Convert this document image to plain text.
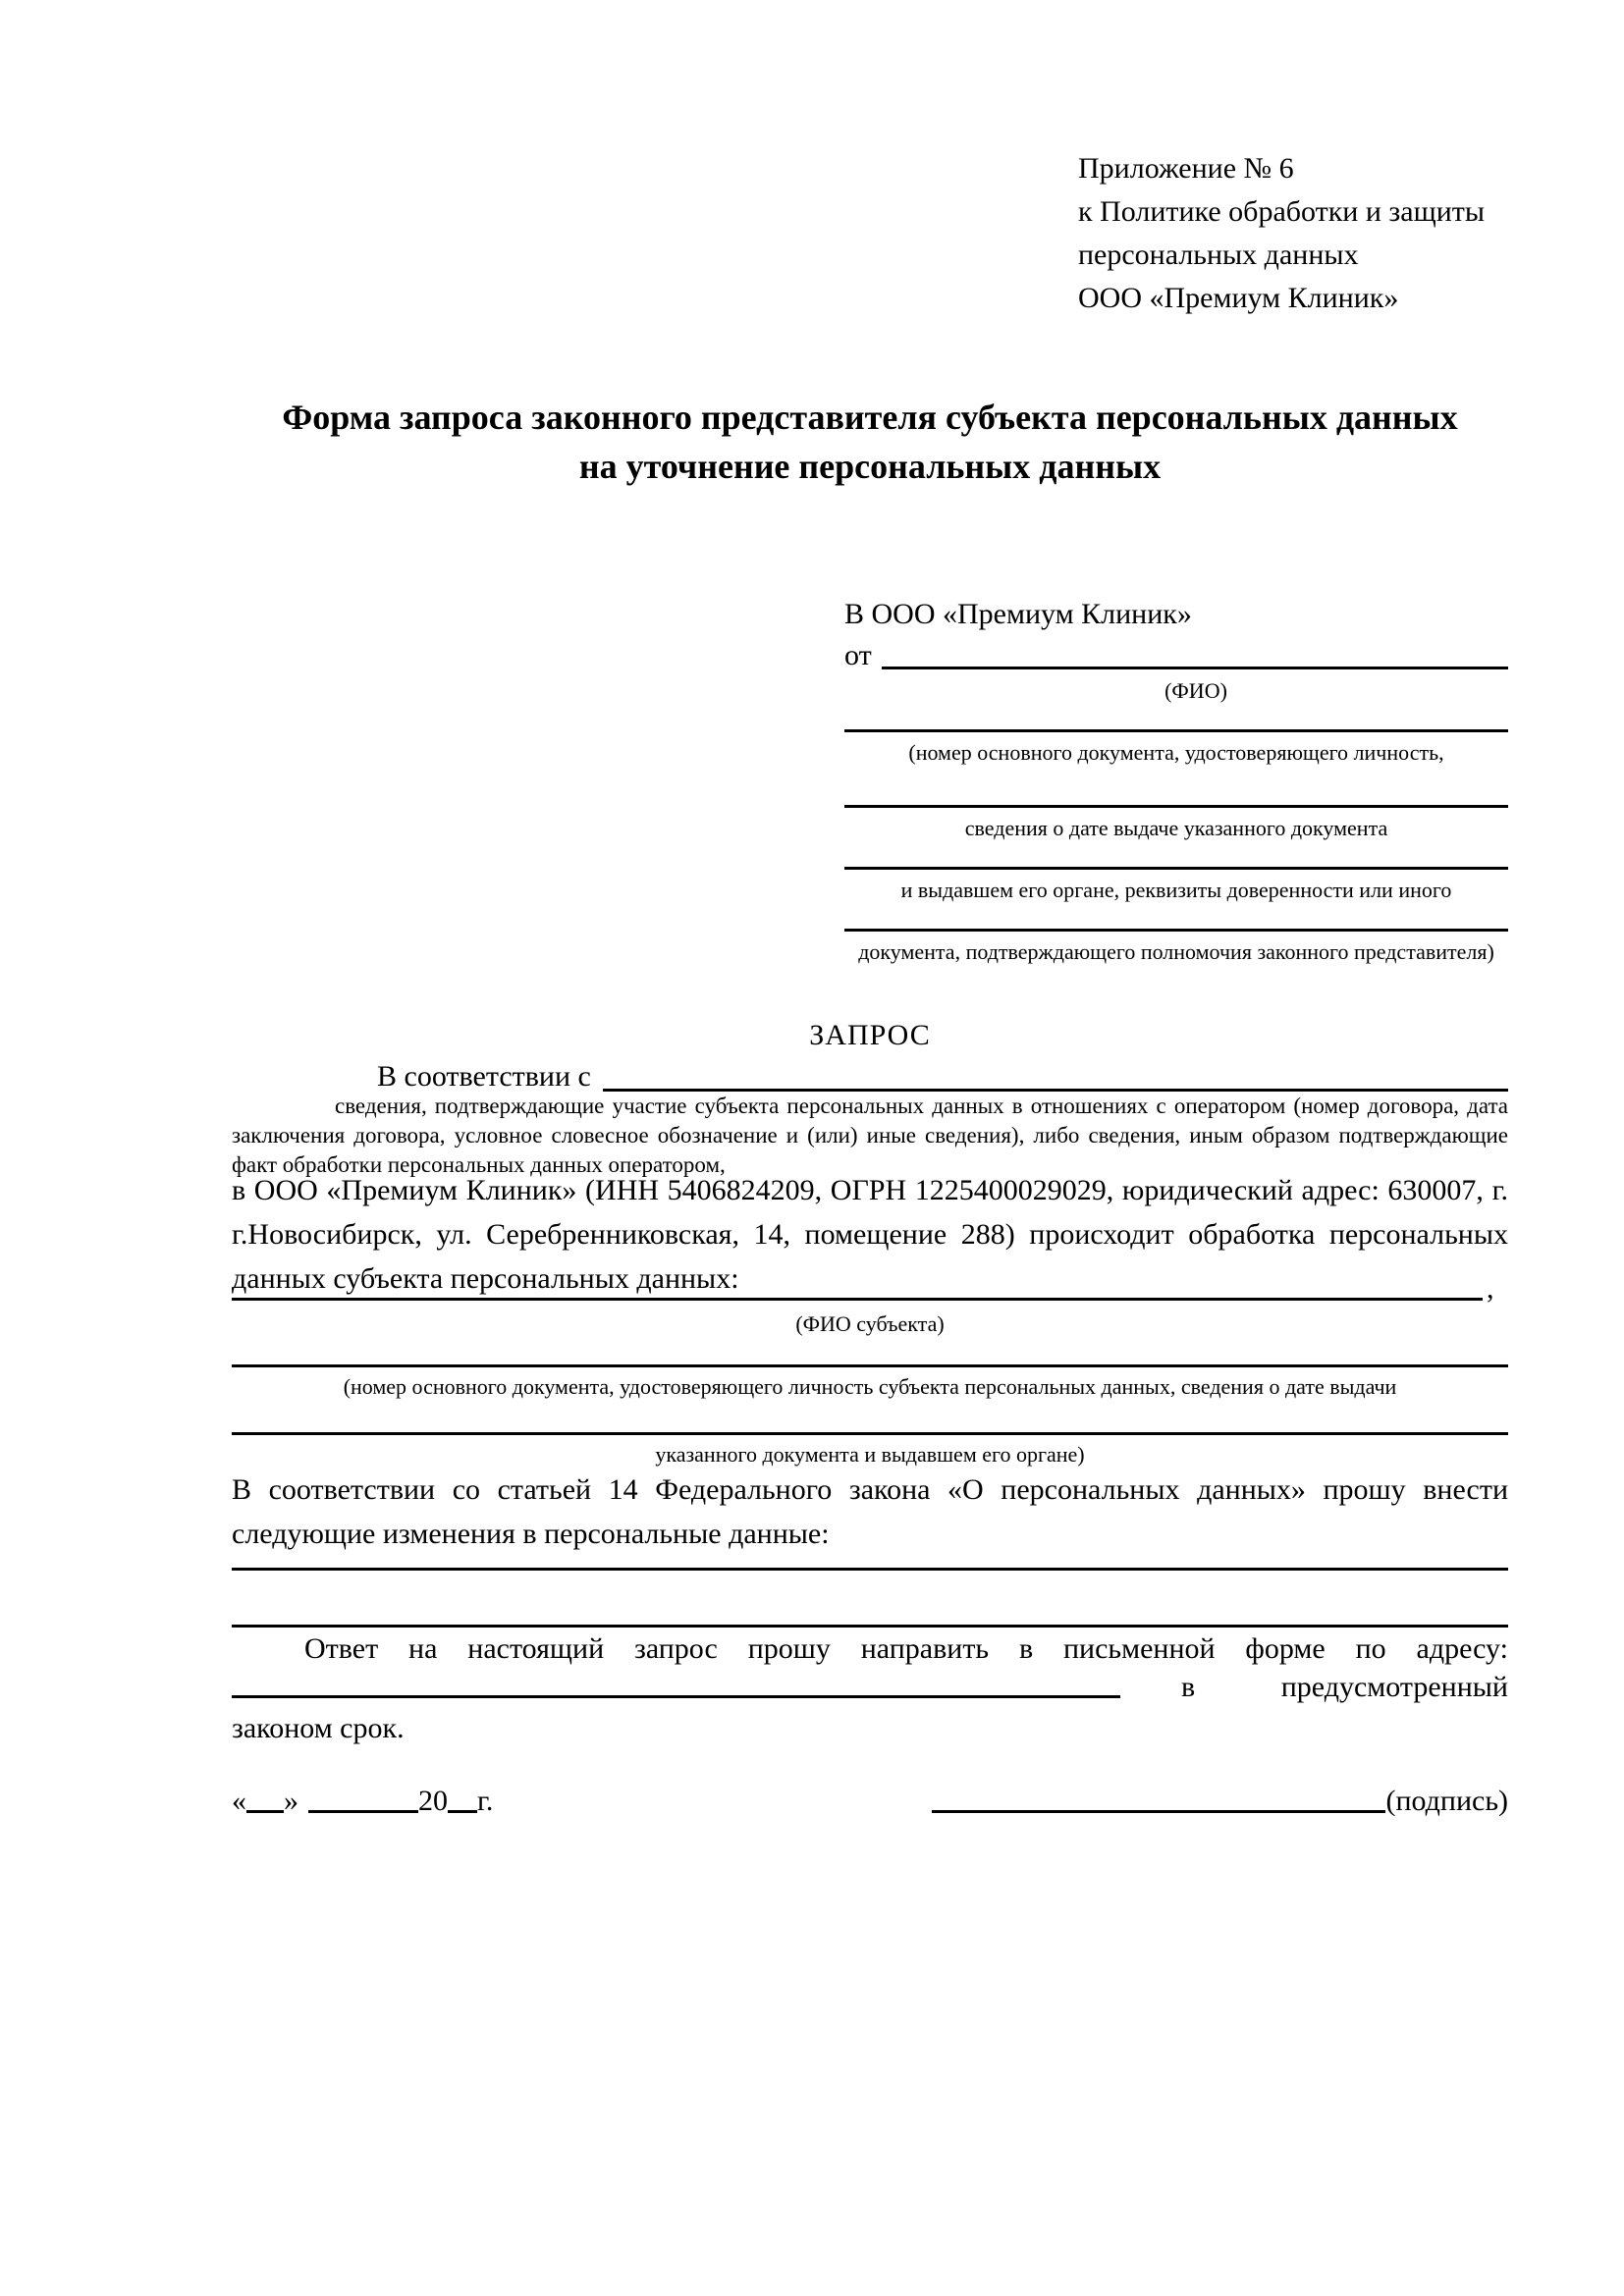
Приложение № 6
к Политике обработки и защиты
персональных данных
ООО «Премиум Клиник»
Форма запроса законного представителя субъекта персональных данных
на уточнение персональных данных
В ООО «Премиум Клиник»
от
(ФИО)
(номер основного документа, удостоверяющего личность,
сведения о дате выдаче указанного документа
и выдавшем его органе, реквизиты доверенности или иного
документа, подтверждающего полномочия законного представителя)
ЗАПРОС
В соответствии с
сведения, подтверждающие участие субъекта персональных данных в отношениях с оператором (номер договора, дата заключения договора, условное словесное обозначение и (или) иные сведения), либо сведения, иным образом подтверждающие факт обработки персональных данных оператором,
в ООО «Премиум Клиник» (ИНН 5406824209, ОГРН 1225400029029, юридический адрес: 630007, г. г.Новосибирск, ул. Серебренниковская, 14, помещение 288) происходит обработка персональных данных субъекта персональных данных:	,
(ФИО субъекта)
(номер основного документа, удостоверяющего личность субъекта персональных данных, сведения о дате выдачи
указанного документа и выдавшем его органе)
В соответствии со статьей 14 Федерального закона «О персональных данных» прошу внести следующие изменения в персональные данные:
Ответ на настоящий запрос прошу направить в письменной форме по адресу:
в	предусмотренный
законом срок.
« »	20 г.	(подпись)
